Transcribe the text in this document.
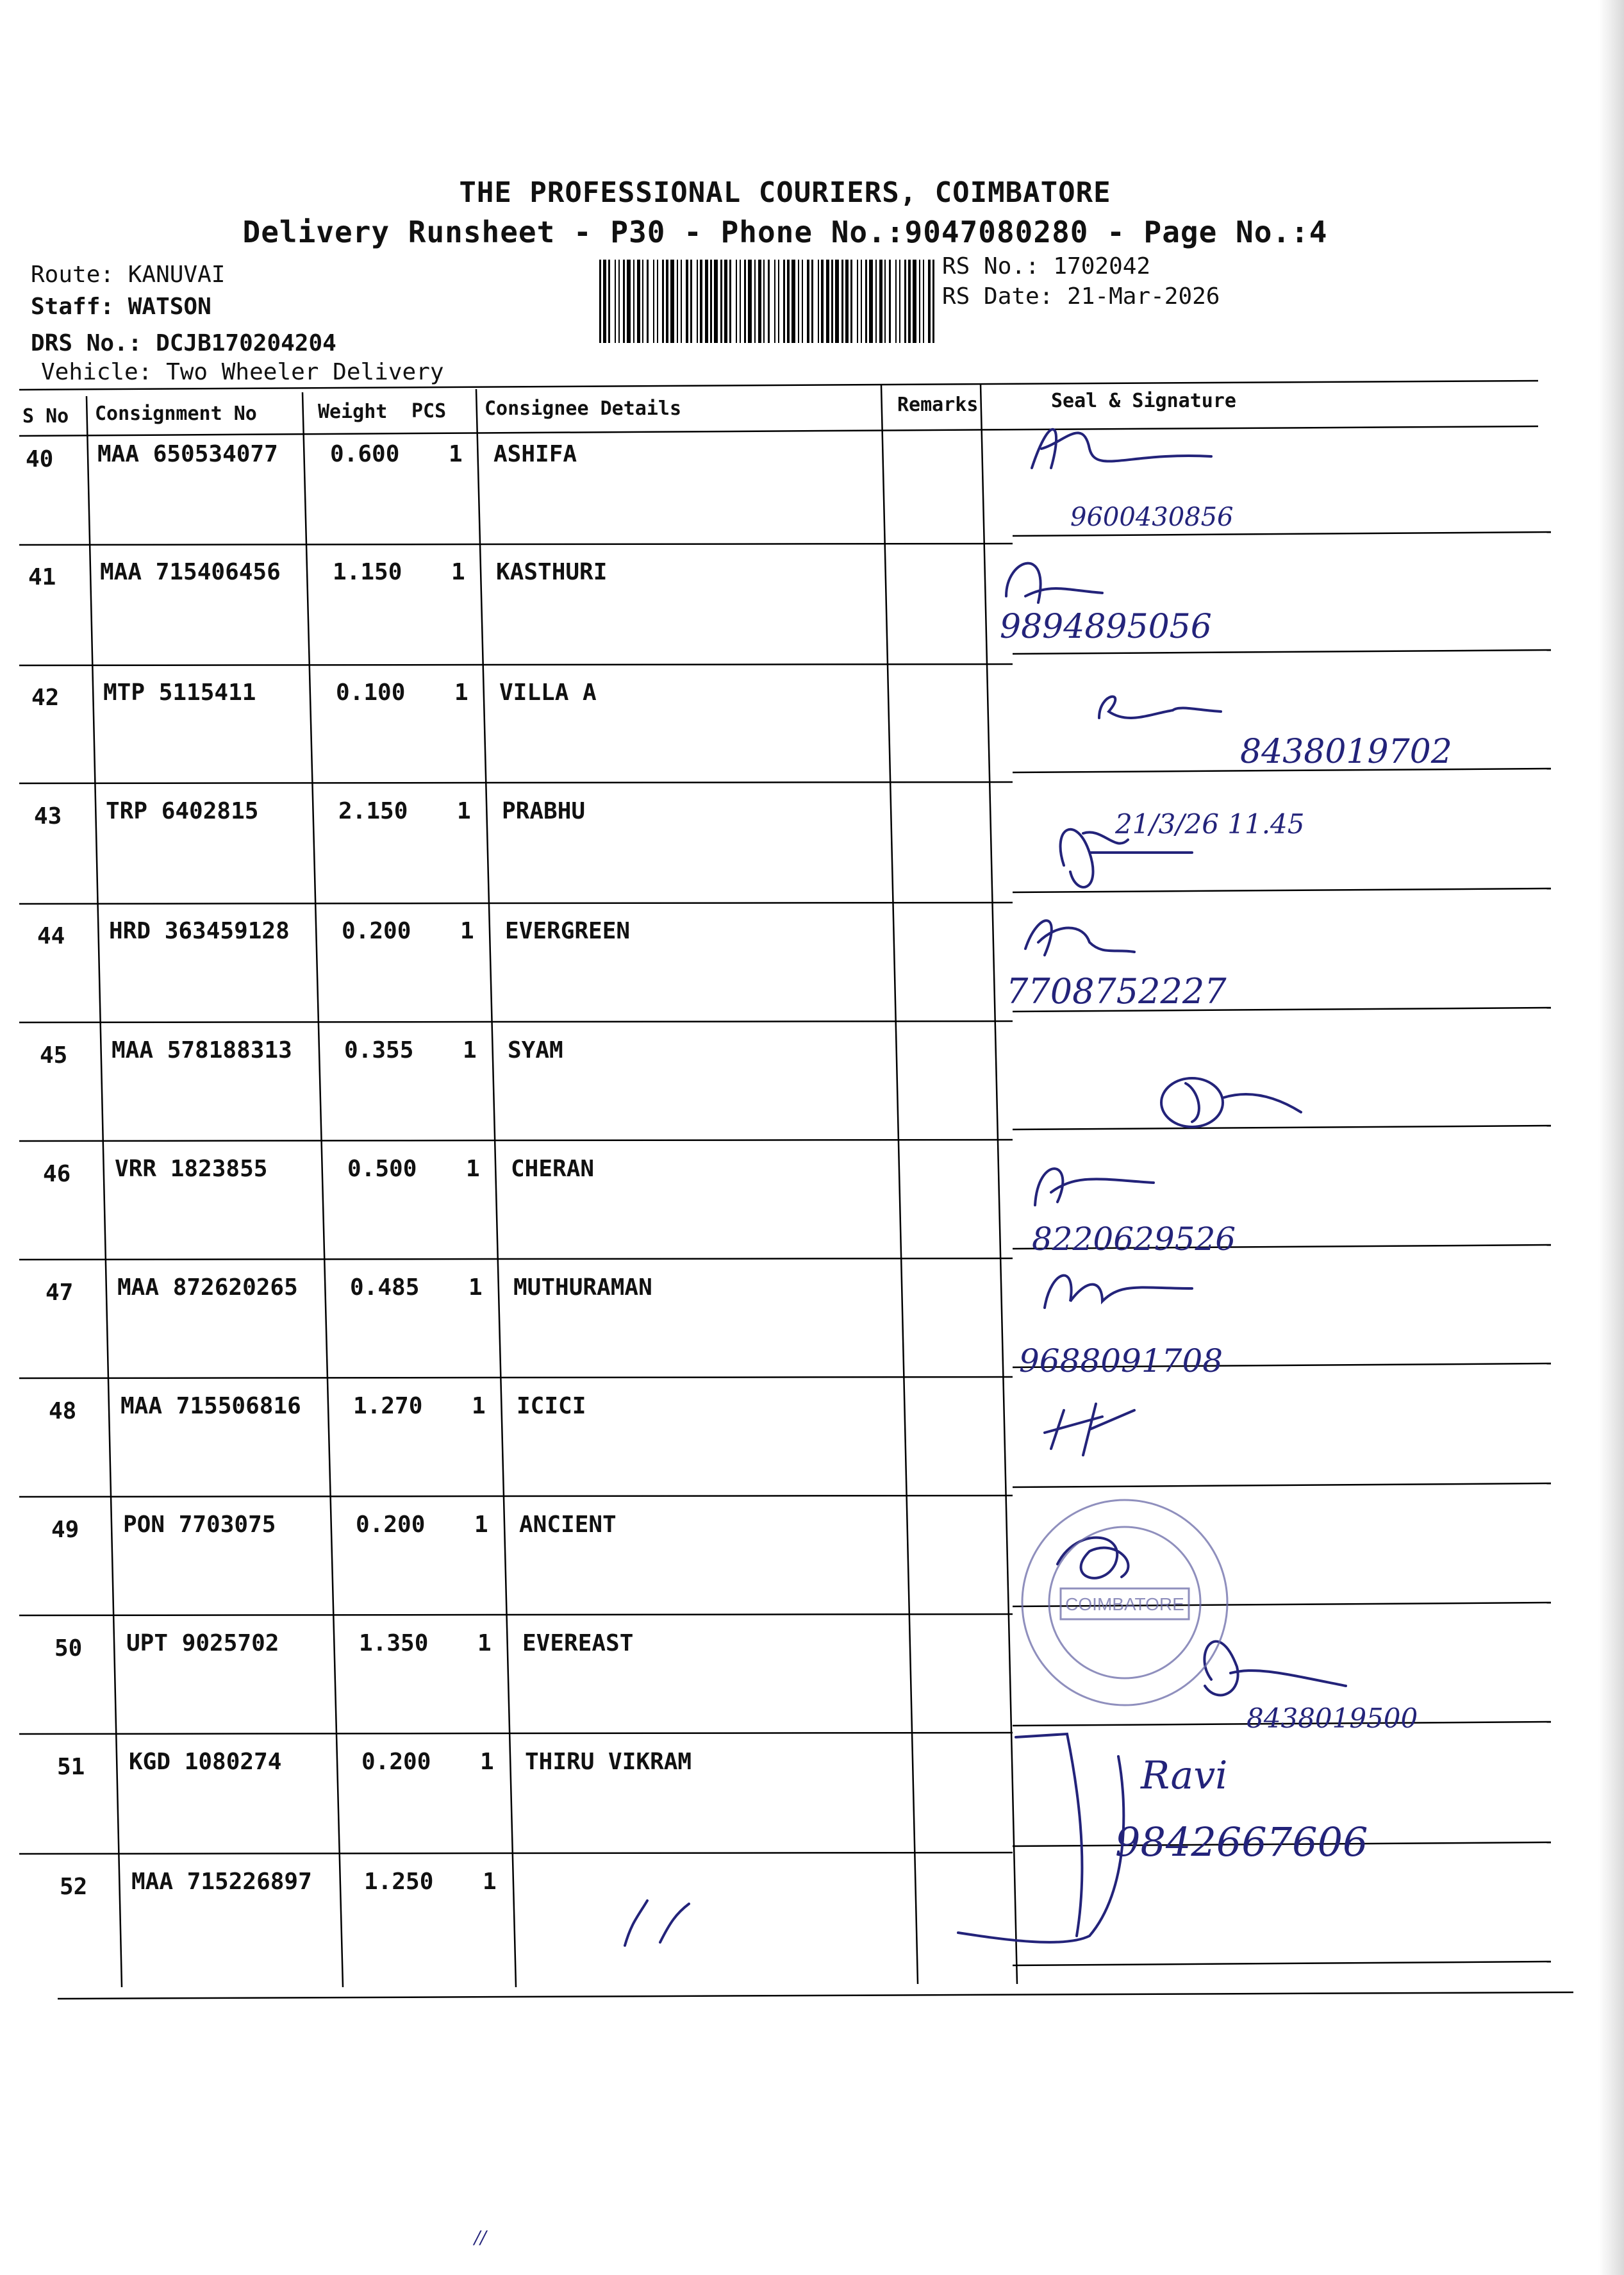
THE PROFESSIONAL COURIERS, COIMBATORE
Delivery Runsheet - P30 - Phone No.:9047080280 - Page No.:4
Route: KANUVAI
Staff: WATSON
DRS No.: DCJB170204204
Vehicle: Two Wheeler Delivery
RS No.: 1702042
RS Date: 21-Mar-2026
S No Consignment No	Weight PCS Consignee Details	Remarks	Seal & Signature
40 MAA 650534077 0.600 1 ASHIFA
41 MAA 715406456 1.150 1 KASTHURI
42 MTP 5115411	0.100 1 VILLA A
43 TRP 6402815	2.150 1 PRABHU
44 HRD 363459128 0.200 1 EVERGREEN
45 MAA 578188313 0.355 1 SYAM
46 VRR 1823855	0.500 1 CHERAN
47 MAA 872620265 0.485 1 MUTHURAMAN
48 MAA 715506816 1.270 1 ICICI
49 PON 7703075	0.200 1 ANCIENT
50 UPT 9025702	1.350 1 EVEREAST
51 KGD 1080274	0.200 1 THIRU VIKRAM
52 MAA 715226897 1.250 1
COIMBATORE
9600430856
9894895056
8438019702
21/3/26 11.45
7708752227
8220629526
9688091708
8438019500
Ravi
9842667606
//
